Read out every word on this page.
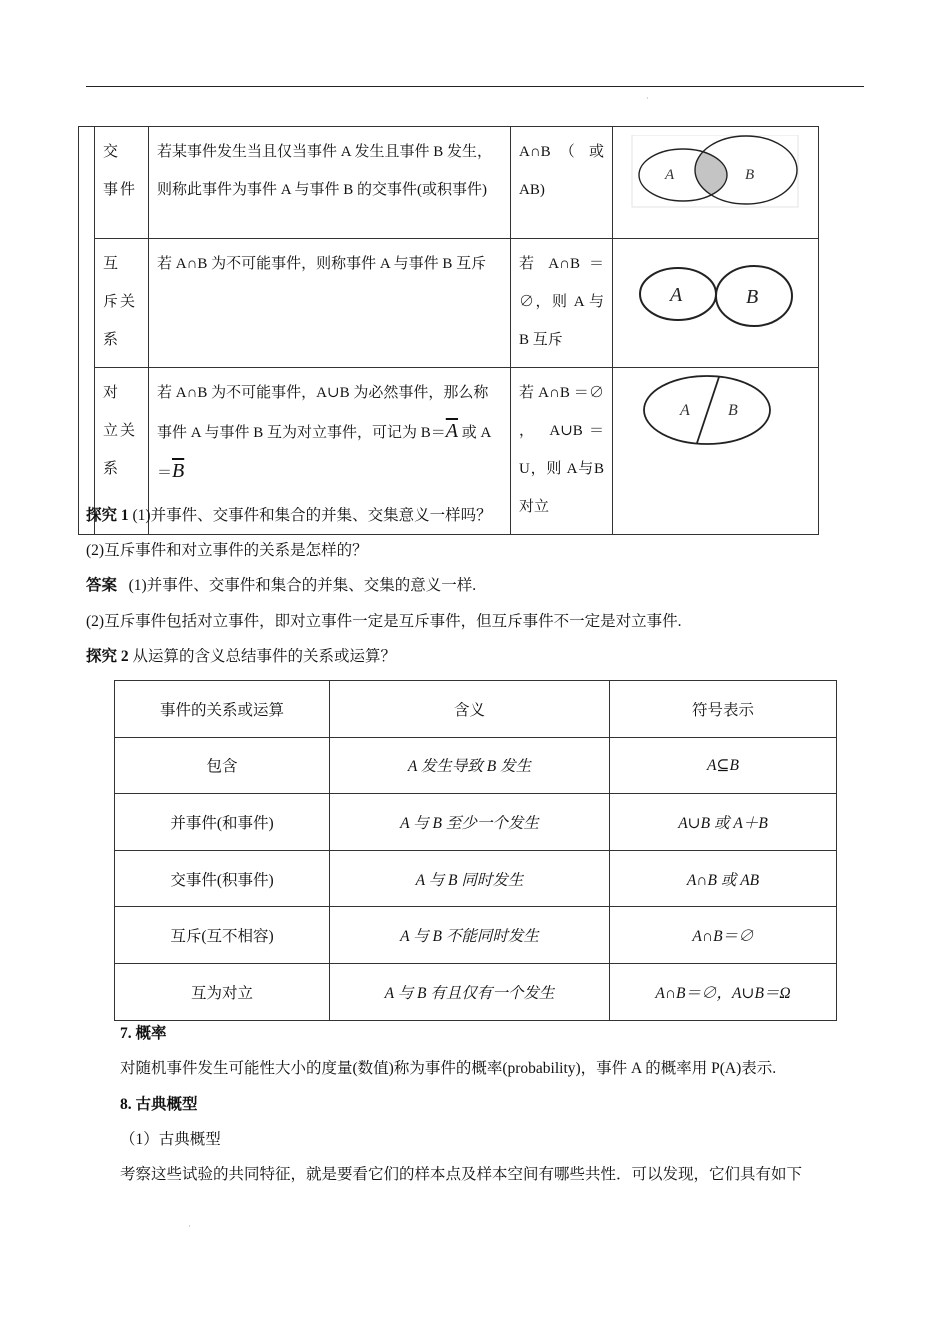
·
	交 事件	若某事件发生当且仅当事件 A 发生且事件 B 发生，则称此事件为事件 A 与事件 B 的交事件(或积事件)	A∩B （ 或AB)	A B

	互 斥关系	若 A∩B 为不可能事件，则称事件 A 与事件 B 互斥	若 A∩B ＝∅，则 A 与B 互斥	A B

	对 立关系	若 A∩B 为不可能事件，A∪B 为必然事件，那么称事件 A 与事件 B 互为对立事件，可记为 $B=\overline{A}$ 或 $A=\overline{B}$	若 A∩B ＝∅ ， A∪B＝U，则 A与B 对立	A B
探究 1 (1)并事件、交事件和集合的并集、交集意义一样吗？
(2)互斥事件和对立事件的关系是怎样的？
答案   (1)并事件、交事件和集合的并集、交集的意义一样.
(2)互斥事件包括对立事件，即对立事件一定是互斥事件，但互斥事件不一定是对立事件.
探究 2 从运算的含义总结事件的关系或运算？
事件的关系或运算	含义	符号表示
包含	A 发生导致 B 发生	A⊆B
并事件(和事件)	A 与 B 至少一个发生	A∪B 或 A＋B
交事件(积事件)	A 与 B 同时发生	A∩B 或 AB
互斥(互不相容)	A 与 B 不能同时发生	A∩B＝∅
互为对立	A 与 B 有且仅有一个发生	A∩B＝∅，A∪B＝Ω
7. 概率
对随机事件发生可能性大小的度量(数值)称为事件的概率(probability)，事件 A 的概率用 P(A)表示.
8. 古典概型
（1）古典概型
考察这些试验的共同特征，就是要看它们的样本点及样本空间有哪些共性．可以发现，它们具有如下
·
